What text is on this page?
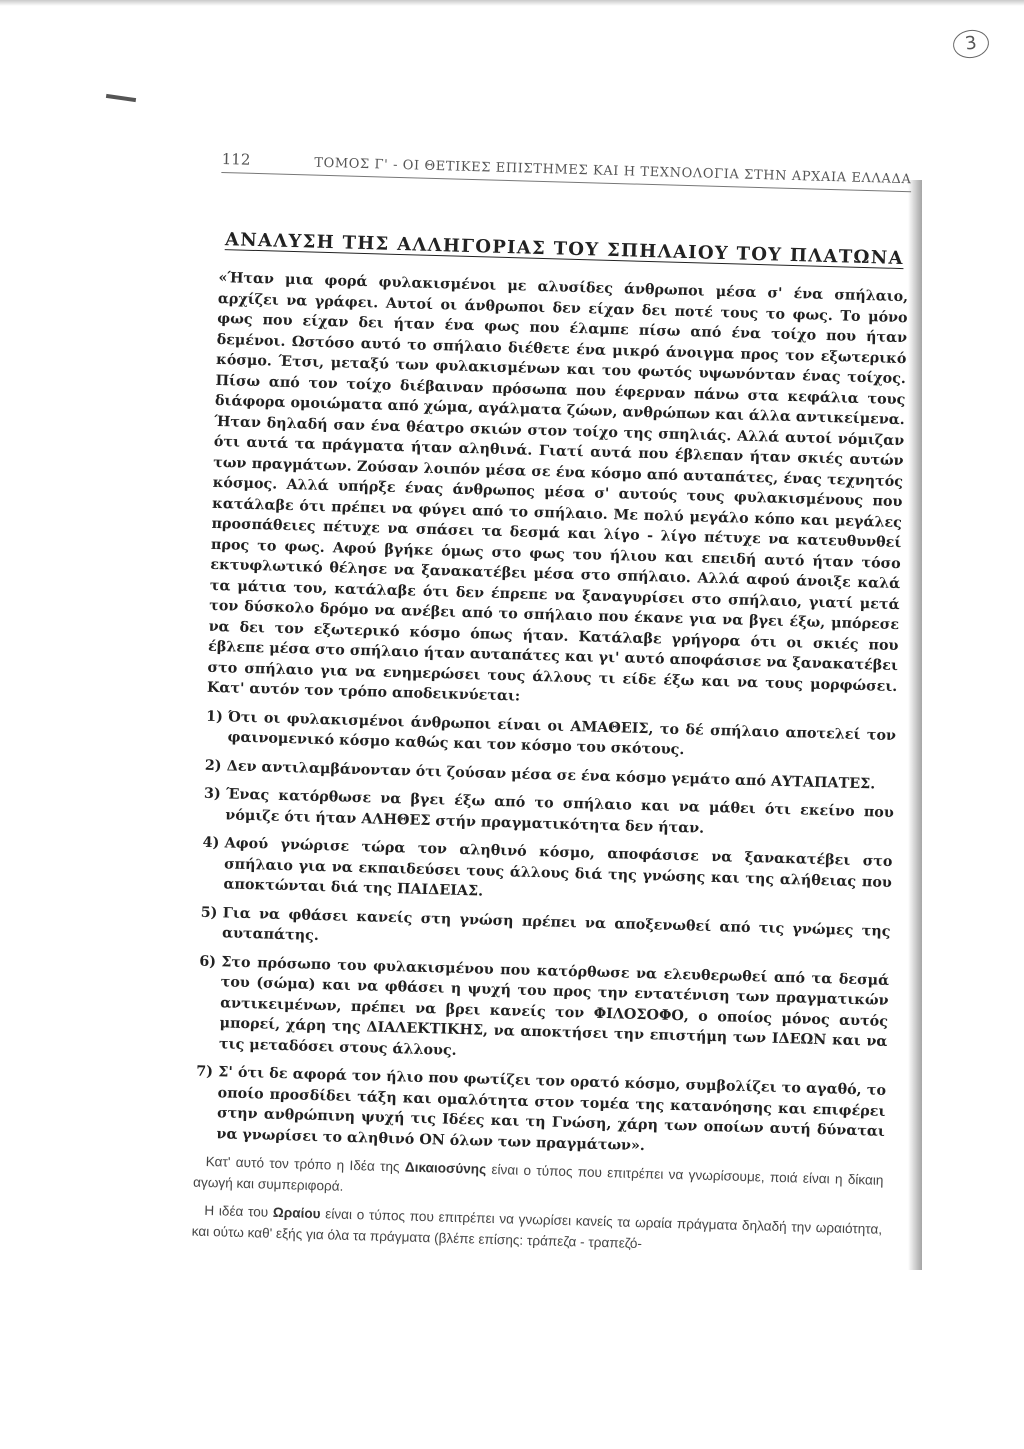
3
112	ΤΟΜΟΣ Γ' - ΟΙ ΘΕΤΙΚΕΣ ΕΠΙΣΤΗΜΕΣ ΚΑΙ Η ΤΕΧΝΟΛΟΓΙΑ ΣΤΗΝ ΑΡΧΑΙΑ ΕΛΛΑΔΑ
ΑΝΑΛΥΣΗ ΤΗΣ ΑΛΛΗΓΟΡΙΑΣ ΤΟΥ ΣΠΗΛΑΙΟΥ ΤΟΥ ΠΛΑΤΩΝΑ

«Ήταν μια φορά φυλακισμένοι με αλυσίδες άνθρωποι μέσα σ' ένα σπήλαιο, αρχίζει να γράφει. Αυτοί οι άνθρωποι δεν είχαν δει ποτέ τους το φως. Το μόνο φως που είχαν δει ήταν ένα φως που έλαμπε πίσω από ένα τοίχο που ήταν δεμένοι. Ωστόσο αυτό το σπήλαιο διέθετε ένα μικρό άνοιγμα προς τον εξωτερικό κόσμο. Έτσι, μεταξύ των φυλακισμένων και του φωτός υψωνόνταν ένας τοίχος. Πίσω από τον τοίχο διέβαιναν πρόσωπα που έφερναν πάνω στα κεφάλια τους διάφορα ομοιώματα από χώμα, αγάλματα ζώων, ανθρώπων και άλλα αντικείμενα. Ήταν δηλαδή σαν ένα θέατρο σκιών στον τοίχο της σπηλιάς. Αλλά αυτοί νόμιζαν ότι αυτά τα πράγματα ήταν αληθινά. Γιατί αυτά που έβλεπαν ήταν σκιές αυτών των πραγμάτων. Ζούσαν λοιπόν μέσα σε ένα κόσμο από αυταπάτες, ένας τεχνητός κόσμος. Αλλά υπήρξε ένας άνθρωπος μέσα σ' αυτούς τους φυλακισμένους που κατάλαβε ότι πρέπει να φύγει από το σπήλαιο. Με πολύ μεγάλο κόπο και μεγάλες προσπάθειες πέτυχε να σπάσει τα δεσμά και λίγο - λίγο πέτυχε να κατευθυνθεί προς το φως. Αφού βγήκε όμως στο φως του ήλιου και επειδή αυτό ήταν τόσο εκτυφλωτικό θέλησε να ξανακατέβει μέσα στο σπήλαιο. Αλλά αφού άνοιξε καλά τα μάτια του, κατάλαβε ότι δεν έπρεπε να ξαναγυρίσει στο σπήλαιο, γιατί μετά τον δύσκολο δρόμο να ανέβει από το σπήλαιο που έκανε για να βγει έξω, μπόρεσε να δει τον εξωτερικό κόσμο όπως ήταν. Κατάλαβε γρήγορα ότι οι σκιές που έβλεπε μέσα στο σπήλαιο ήταν αυταπάτες και γι' αυτό αποφάσισε να ξανακατέβει στο σπήλαιο για να ενημερώσει τους άλλους τι είδε έξω και να τους μορφώσει. Κατ' αυτόν τον τρόπο αποδεικνύεται:

1) Ότι οι φυλακισμένοι άνθρωποι είναι οι ΑΜΑΘΕΙΣ, το δέ σπήλαιο αποτελεί τον φαινομενικό κόσμο καθώς και τον κόσμο του σκότους.
2) Δεν αντιλαμβάνονταν ότι ζούσαν μέσα σε ένα κόσμο γεμάτο από ΑΥΤΑΠΑΤΕΣ.
3) Ένας κατόρθωσε να βγει έξω από το σπήλαιο και να μάθει ότι εκείνο που νόμιζε ότι ήταν ΑΛΗΘΕΣ στήν πραγματικότητα δεν ήταν.
4) Αφού γνώρισε τώρα τον αληθινό κόσμο, αποφάσισε να ξανακατέβει στο σπήλαιο για να εκπαιδεύσει τους άλλους διά της γνώσης και της αλήθειας που αποκτώνται διά της ΠΑΙΔΕΙΑΣ.
5) Για να φθάσει κανείς στη γνώση πρέπει να αποξενωθεί από τις γνώμες της αυταπάτης.
6) Στο πρόσωπο του φυλακισμένου που κατόρθωσε να ελευθερωθεί από τα δεσμά του (σώμα) και να φθάσει η ψυχή του προς την εντατένιση των πραγματικών αντικειμένων, πρέπει να βρει κανείς τον ΦΙΛΟΣΟΦΟ, ο οποίος μόνος αυτός μπορεί, χάρη της ΔΙΑΛΕΚΤΙΚΗΣ, να αποκτήσει την επιστήμη των ΙΔΕΩΝ και να τις μεταδόσει στους άλλους.
7) Σ' ότι δε αφορά τον ήλιο που φωτίζει τον ορατό κόσμο, συμβολίζει το αγαθό, το οποίο προσδίδει τάξη και ομαλότητα στον τομέα της κατανόησης και επιφέρει στην ανθρώπινη ψυχή τις Ιδέες και τη Γνώση, χάρη των οποίων αυτή δύναται να γνωρίσει το αληθινό ΟΝ όλων των πραγμάτων».

Κατ' αυτό τον τρόπο η Ιδέα της Δικαιοσύνης είναι ο τύπος που επιτρέπει να γνωρίσουμε, ποιά είναι η δίκαιη αγωγή και συμπεριφορά.

Η ιδέα του Ωραίου είναι ο τύπος που επιτρέπει να γνωρίσει κανείς τα ωραία πράγματα δηλαδή την ωραιότητα, και ούτω καθ' εξής για όλα τα πράγματα (βλέπε επίσης: τράπεζα - τραπεζό-
